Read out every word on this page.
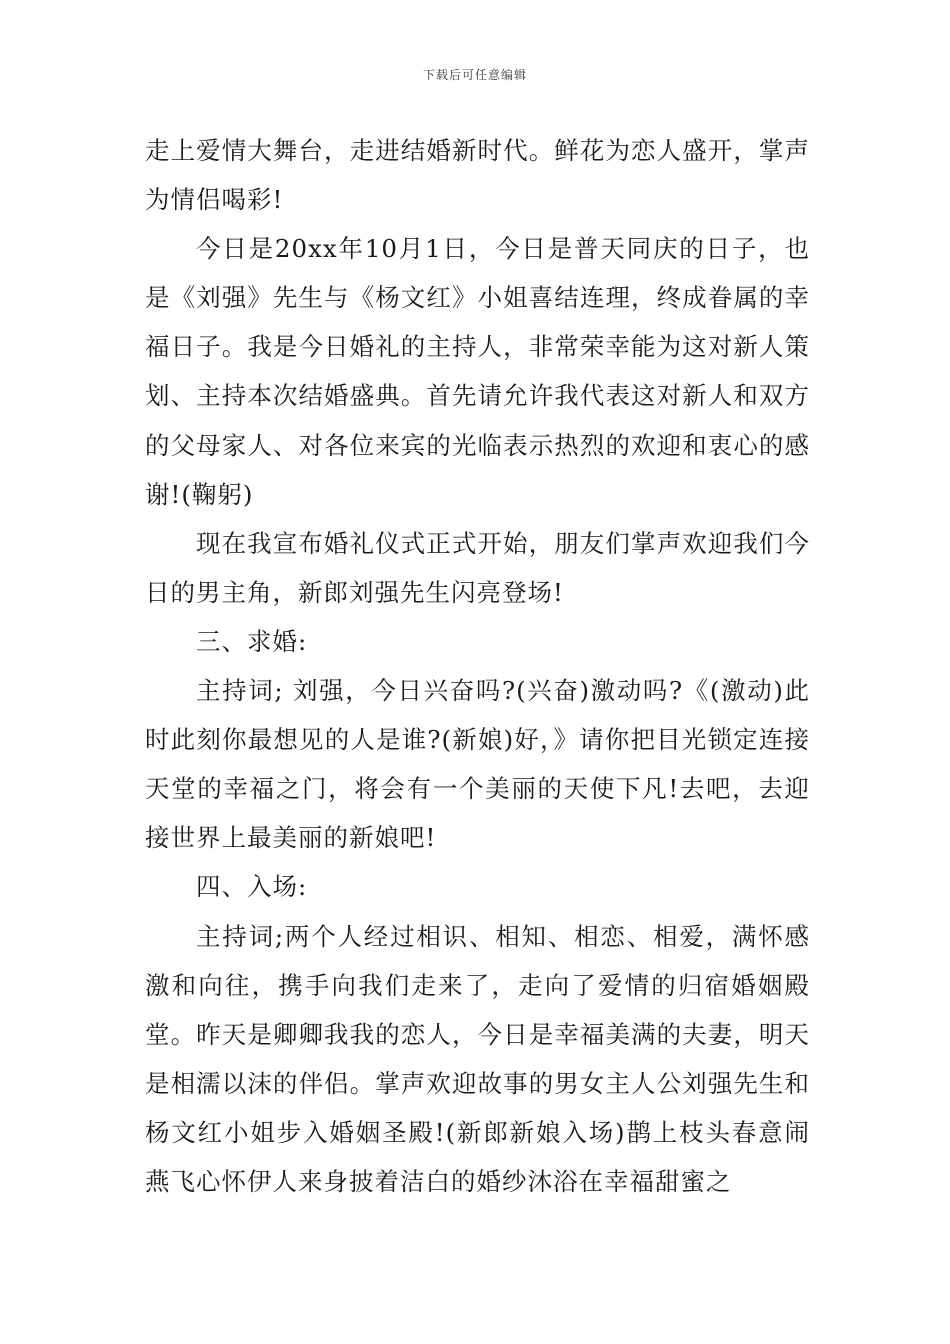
下载后可任意编辑

走上爱情大舞台，走进结婚新时代。鲜花为恋人盛开，掌声为情侣喝彩!

今日是20xx年10月1日，今日是普天同庆的日子，也是《刘强》先生与《杨文红》小姐喜结连理，终成眷属的幸福日子。我是今日婚礼的主持人，非常荣幸能为这对新人策划、主持本次结婚盛典。首先请允许我代表这对新人和双方的父母家人、对各位来宾的光临表示热烈的欢迎和衷心的感谢!(鞠躬)

现在我宣布婚礼仪式正式开始，朋友们掌声欢迎我们今日的男主角，新郎刘强先生闪亮登场!

三、求婚:

主持词; 刘强，今日兴奋吗?(兴奋)激动吗?《(激动)此时此刻你最想见的人是谁?(新娘)好，》请你把目光锁定连接天堂的幸福之门，将会有一个美丽的天使下凡!去吧，去迎接世界上最美丽的新娘吧!

四、入场:

主持词;两个人经过相识、相知、相恋、相爱，满怀感激和向往，携手向我们走来了，走向了爱情的归宿婚姻殿堂。昨天是卿卿我我的恋人，今日是幸福美满的夫妻，明天是相濡以沫的伴侣。掌声欢迎故事的男女主人公刘强先生和杨文红小姐步入婚姻圣殿!(新郎新娘入场)鹊上枝头春意闹燕飞心怀伊人来身披着洁白的婚纱沐浴在幸福甜蜜之
